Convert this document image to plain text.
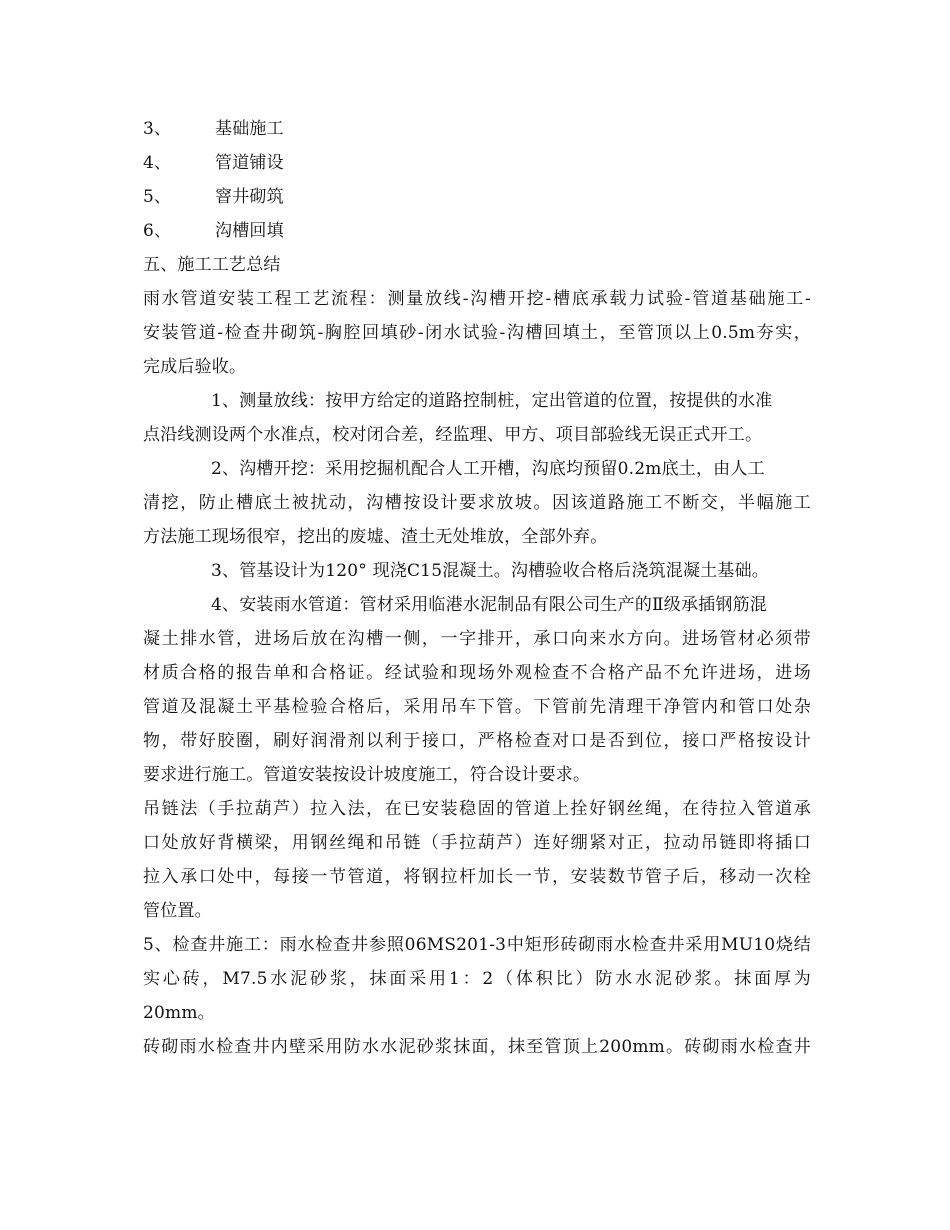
3、	基础施工
4、	管道铺设
5、	窨井砌筑
6、	沟槽回填
五、施工工艺总结
雨水管道安装工程工艺流程：测量放线-沟槽开挖-槽底承载力试验-管道基础施工-
安装管道-检查井砌筑-胸腔回填砂-闭水试验-沟槽回填土，至管顶以上0.5m夯实，
完成后验收。
1、测量放线：按甲方给定的道路控制桩，定出管道的位置，按提供的水准
点沿线测设两个水准点，校对闭合差，经监理、甲方、项目部验线无误正式开工。
2、沟槽开挖：采用挖掘机配合人工开槽，沟底均预留0.2m底土，由人工
清挖，防止槽底土被扰动，沟槽按设计要求放坡。因该道路施工不断交，半幅施工
方法施工现场很窄，挖出的废墟、渣土无处堆放，全部外弃。
3、管基设计为120° 现浇C15混凝土。沟槽验收合格后浇筑混凝土基础。
4、安装雨水管道：管材采用临港水泥制品有限公司生产的Ⅱ级承插钢筋混
凝土排水管，进场后放在沟槽一侧，一字排开，承口向来水方向。进场管材必须带
材质合格的报告单和合格证。经试验和现场外观检查不合格产品不允许进场，进场
管道及混凝土平基检验合格后，采用吊车下管。下管前先清理干净管内和管口处杂
物，带好胶圈，刷好润滑剂以利于接口，严格检查对口是否到位，接口严格按设计
要求进行施工。管道安装按设计坡度施工，符合设计要求。
吊链法（手拉葫芦）拉入法，在已安装稳固的管道上拴好钢丝绳，在待拉入管道承
口处放好背横梁，用钢丝绳和吊链（手拉葫芦）连好绷紧对正，拉动吊链即将插口
拉入承口处中，每接一节管道，将钢拉杆加长一节，安装数节管子后，移动一次栓
管位置。
5、检查井施工：雨水检查井参照06MS201-3中矩形砖砌雨水检查井采用MU10烧结
实心砖，M7.5水泥砂浆，抹面采用1：2（体积比）防水水泥砂浆。抹面厚为
20mm。
砖砌雨水检查井内壁采用防水水泥砂浆抹面，抹至管顶上200mm。砖砌雨水检查井
